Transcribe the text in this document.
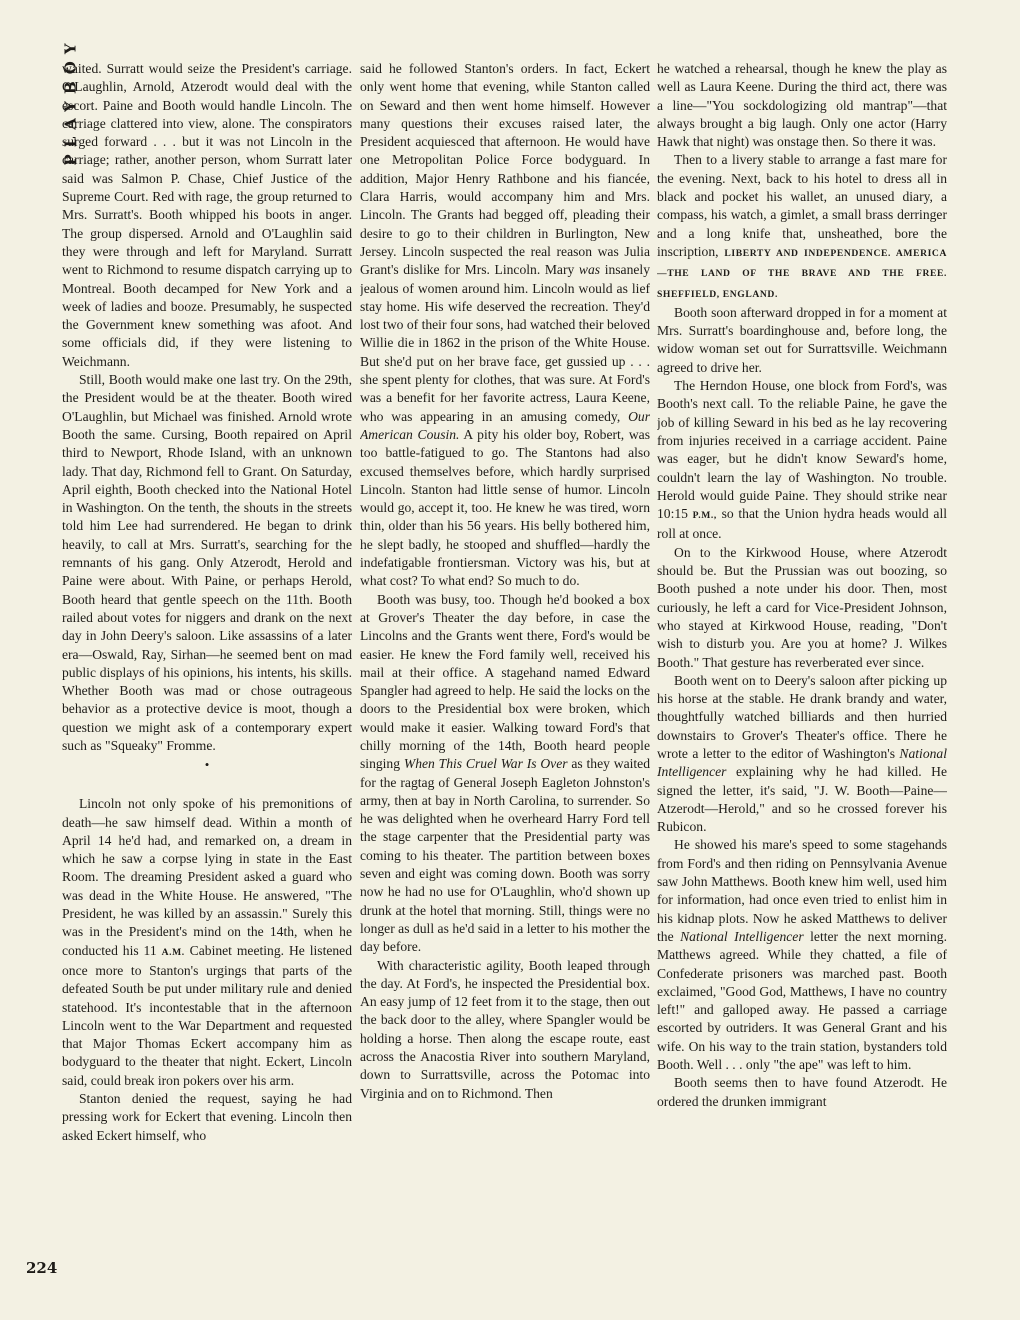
PLAYBOY

waited. Surratt would seize the President's carriage. O'Laughlin, Arnold, Atzerodt would deal with the escort. Paine and Booth would handle Lincoln. The carriage clattered into view, alone. The conspirators surged forward . . . but it was not Lincoln in the carriage; rather, another person, whom Surratt later said was Salmon P. Chase, Chief Justice of the Supreme Court. Red with rage, the group returned to Mrs. Surratt's. Booth whipped his boots in anger. The group dispersed. Arnold and O'Laughlin said they were through and left for Maryland. Surratt went to Richmond to resume dispatch carrying up to Montreal. Booth decamped for New York and a week of ladies and booze. Presumably, he suspected the Government knew something was afoot. And some officials did, if they were listening to Weichmann.

Still, Booth would make one last try. On the 29th, the President would be at the theater. Booth wired O'Laughlin, but Michael was finished. Arnold wrote Booth the same. Cursing, Booth repaired on April third to Newport, Rhode Island, with an unknown lady. That day, Richmond fell to Grant. On Saturday, April eighth, Booth checked into the National Hotel in Washington. On the tenth, the shouts in the streets told him Lee had surrendered. He began to drink heavily, to call at Mrs. Surratt's, searching for the remnants of his gang. Only Atzerodt, Herold and Paine were about. With Paine, or perhaps Herold, Booth heard that gentle speech on the 11th. Booth railed about votes for niggers and drank on the next day in John Deery's saloon. Like assassins of a later era—Oswald, Ray, Sirhan—he seemed bent on mad public displays of his opinions, his intents, his skills. Whether Booth was mad or chose outrageous behavior as a protective device is moot, though a question we might ask of a contemporary expert such as "Squeaky" Fromme.

•

Lincoln not only spoke of his premonitions of death—he saw himself dead. Within a month of April 14 he'd had, and remarked on, a dream in which he saw a corpse lying in state in the East Room. The dreaming President asked a guard who was dead in the White House. He answered, "The President, he was killed by an assassin." Surely this was in the President's mind on the 14th, when he conducted his 11 A.M. Cabinet meeting. He listened once more to Stanton's urgings that parts of the defeated South be put under military rule and denied statehood. It's incontestable that in the afternoon Lincoln went to the War Department and requested that Major Thomas Eckert accompany him as bodyguard to the theater that night. Eckert, Lincoln said, could break iron pokers over his arm.

Stanton denied the request, saying he had pressing work for Eckert that evening. Lincoln then asked Eckert himself, who

said he followed Stanton's orders. In fact, Eckert only went home that evening, while Stanton called on Seward and then went home himself. However many questions their excuses raised later, the President acquiesced that afternoon. He would have one Metropolitan Police Force bodyguard. In addition, Major Henry Rathbone and his fiancée, Clara Harris, would accompany him and Mrs. Lincoln. The Grants had begged off, pleading their desire to go to their children in Burlington, New Jersey. Lincoln suspected the real reason was Julia Grant's dislike for Mrs. Lincoln. Mary was insanely jealous of women around him. Lincoln would as lief stay home. His wife deserved the recreation. They'd lost two of their four sons, had watched their beloved Willie die in 1862 in the prison of the White House. But she'd put on her brave face, get gussied up . . . she spent plenty for clothes, that was sure. At Ford's was a benefit for her favorite actress, Laura Keene, who was appearing in an amusing comedy, Our American Cousin. A pity his older boy, Robert, was too battle-fatigued to go. The Stantons had also excused themselves before, which hardly surprised Lincoln. Stanton had little sense of humor. Lincoln would go, accept it, too. He knew he was tired, worn thin, older than his 56 years. His belly bothered him, he slept badly, he stooped and shuffled—hardly the indefatigable frontiersman. Victory was his, but at what cost? To what end? So much to do.

Booth was busy, too. Though he'd booked a box at Grover's Theater the day before, in case the Lincolns and the Grants went there, Ford's would be easier. He knew the Ford family well, received his mail at their office. A stagehand named Edward Spangler had agreed to help. He said the locks on the doors to the Presidential box were broken, which would make it easier. Walking toward Ford's that chilly morning of the 14th, Booth heard people singing When This Cruel War Is Over as they waited for the ragtag of General Joseph Eagleton Johnston's army, then at bay in North Carolina, to surrender. So he was delighted when he overheard Harry Ford tell the stage carpenter that the Presidential party was coming to his theater. The partition between boxes seven and eight was coming down. Booth was sorry now he had no use for O'Laughlin, who'd shown up drunk at the hotel that morning. Still, things were no longer as dull as he'd said in a letter to his mother the day before.

With characteristic agility, Booth leaped through the day. At Ford's, he inspected the Presidential box. An easy jump of 12 feet from it to the stage, then out the back door to the alley, where Spangler would be holding a horse. Then along the escape route, east across the Anacostia River into southern Maryland, down to Surrattsville, across the Potomac into Virginia and on to Richmond. Then

he watched a rehearsal, though he knew the play as well as Laura Keene. During the third act, there was a line—"You sockdologizing old mantrap"—that always brought a big laugh. Only one actor (Harry Hawk that night) was onstage then. So there it was.

Then to a livery stable to arrange a fast mare for the evening. Next, back to his hotel to dress all in black and pocket his wallet, an unused diary, a compass, his watch, a gimlet, a small brass derringer and a long knife that, unsheathed, bore the inscription, LIBERTY AND INDEPENDENCE. AMERICA—THE LAND OF THE BRAVE AND THE FREE. SHEFFIELD, ENGLAND.

Booth soon afterward dropped in for a moment at Mrs. Surratt's boardinghouse and, before long, the widow woman set out for Surrattsville. Weichmann agreed to drive her.

The Herndon House, one block from Ford's, was Booth's next call. To the reliable Paine, he gave the job of killing Seward in his bed as he lay recovering from injuries received in a carriage accident. Paine was eager, but he didn't know Seward's home, couldn't learn the lay of Washington. No trouble. Herold would guide Paine. They should strike near 10:15 P.M., so that the Union hydra heads would all roll at once.

On to the Kirkwood House, where Atzerodt should be. But the Prussian was out boozing, so Booth pushed a note under his door. Then, most curiously, he left a card for Vice-President Johnson, who stayed at Kirkwood House, reading, "Don't wish to disturb you. Are you at home? J. Wilkes Booth." That gesture has reverberated ever since.

Booth went on to Deery's saloon after picking up his horse at the stable. He drank brandy and water, thoughtfully watched billiards and then hurried downstairs to Grover's Theater's office. There he wrote a letter to the editor of Washington's National Intelligencer explaining why he had killed. He signed the letter, it's said, "J. W. Booth—Paine—Atzerodt—Herold," and so he crossed forever his Rubicon.

He showed his mare's speed to some stagehands from Ford's and then riding on Pennsylvania Avenue saw John Matthews. Booth knew him well, used him for information, had once even tried to enlist him in his kidnap plots. Now he asked Matthews to deliver the National Intelligencer letter the next morning. Matthews agreed. While they chatted, a file of Confederate prisoners was marched past. Booth exclaimed, "Good God, Matthews, I have no country left!" and galloped away. He passed a carriage escorted by outriders. It was General Grant and his wife. On his way to the train station, bystanders told Booth. Well . . . only "the ape" was left to him.

Booth seems then to have found Atzerodt. He ordered the drunken immigrant

224
